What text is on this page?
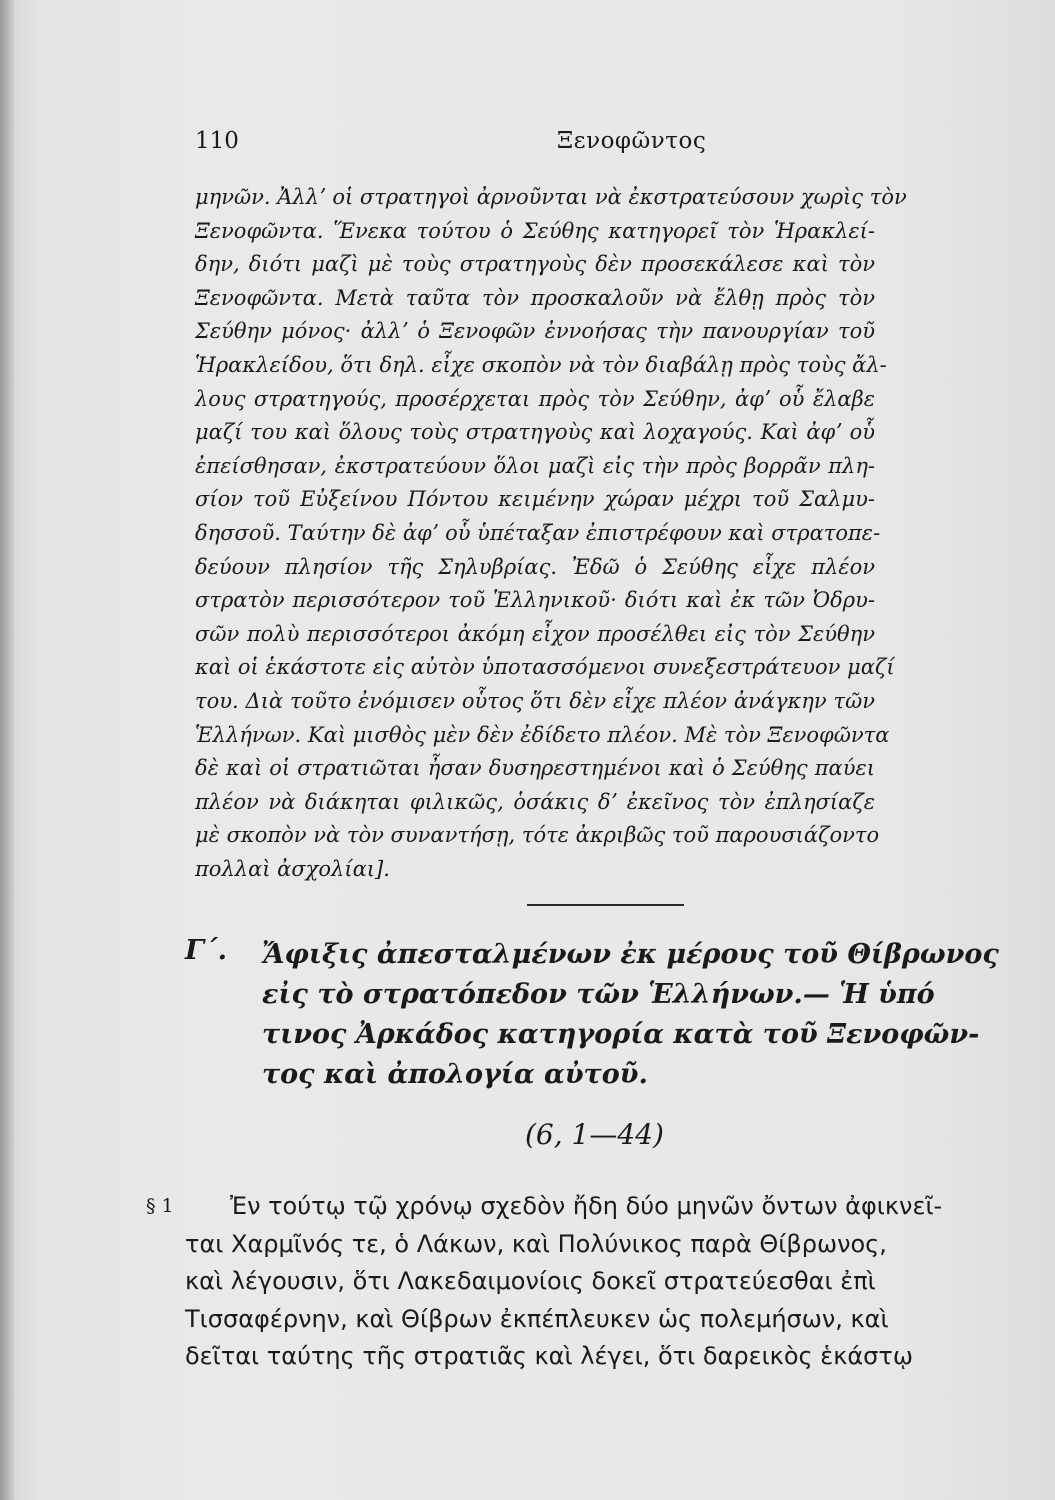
110	Ξενοφῶντος
μηνῶν. Ἀλλʼ οἱ στρατηγοὶ ἀρνοῦνται νὰ ἐκστρατεύσουν χωρὶς τὸν
Ξενοφῶντα. Ἕνεκα τούτου ὁ Σεύθης κατηγορεῖ τὸν Ἡρακλεί-
δην, διότι μαζὶ μὲ τοὺς στρατηγοὺς δὲν προσεκάλεσε καὶ τὸν
Ξενοφῶντα. Μετὰ ταῦτα τὸν προσκαλοῦν νὰ ἔλθῃ πρὸς τὸν
Σεύθην μόνος· ἀλλʼ ὁ Ξενοφῶν ἐννοήσας τὴν πανουργίαν τοῦ
Ἡρακλείδου, ὅτι δηλ. εἶχε σκοπὸν νὰ τὸν διαβάλῃ πρὸς τοὺς ἄλ-
λους στρατηγούς, προσέρχεται πρὸς τὸν Σεύθην, ἀφʼ οὗ ἔλαβε
μαζί του καὶ ὅλους τοὺς στρατηγοὺς καὶ λοχαγούς. Καὶ ἀφʼ οὗ
ἐπείσθησαν, ἐκστρατεύουν ὅλοι μαζὶ εἰς τὴν πρὸς βορρᾶν πλη-
σίον τοῦ Εὐξείνου Πόντου κειμένην χώραν μέχρι τοῦ Σαλμυ-
δησσοῦ. Ταύτην δὲ ἀφʼ οὗ ὑπέταξαν ἐπιστρέφουν καὶ στρατοπε-
δεύουν πλησίον τῆς Σηλυβρίας. Ἐδῶ ὁ Σεύθης εἶχε πλέον
στρατὸν περισσότερον τοῦ Ἑλληνικοῦ· διότι καὶ ἐκ τῶν Ὀδρυ-
σῶν πολὺ περισσότεροι ἀκόμη εἶχον προσέλθει εἰς τὸν Σεύθην
καὶ οἱ ἑκάστοτε εἰς αὐτὸν ὑποτασσόμενοι συνεξεστράτευον μαζί
του. Διὰ τοῦτο ἐνόμισεν οὗτος ὅτι δὲν εἶχε πλέον ἀνάγκην τῶν
Ἑλλήνων. Καὶ μισθὸς μὲν δὲν ἐδίδετο πλέον. Μὲ τὸν Ξενοφῶντα
δὲ καὶ οἱ στρατιῶται ἦσαν δυσηρεστημένοι καὶ ὁ Σεύθης παύει
πλέον νὰ διάκηται φιλικῶς, ὁσάκις δʼ ἐκεῖνος τὸν ἐπλησίαζε
μὲ σκοπὸν νὰ τὸν συναντήσῃ, τότε ἀκριβῶς τοῦ παρουσιάζοντο
πολλαὶ ἀσχολίαι].
Γ΄. Ἄφιξις ἀπεσταλμένων ἐκ μέρους τοῦ Θίβρωνος
εἰς τὸ στρατόπεδον τῶν Ἑλλήνων.— Ἡ ὑπό
τινος Ἀρκάδος κατηγορία κατὰ τοῦ Ξενοφῶν-
τος καὶ ἀπολογία αὐτοῦ.
(6, 1—44)
§ 1	Ἐν τούτῳ τῷ χρόνῳ σχεδὸν ἤδη δύο μηνῶν ὄντων ἀφικνεῖ-
ται Χαρμῖνός τε, ὁ Λάκων, καὶ Πολύνικος παρὰ Θίβρωνος,
καὶ λέγουσιν, ὅτι Λακεδαιμονίοις δοκεῖ στρατεύεσθαι ἐπὶ
Τισσαφέρνην, καὶ Θίβρων ἐκπέπλευκεν ὡς πολεμήσων, καὶ
δεῖται ταύτης τῆς στρατιᾶς καὶ λέγει, ὅτι δαρεικὸς ἑκάστῳ
